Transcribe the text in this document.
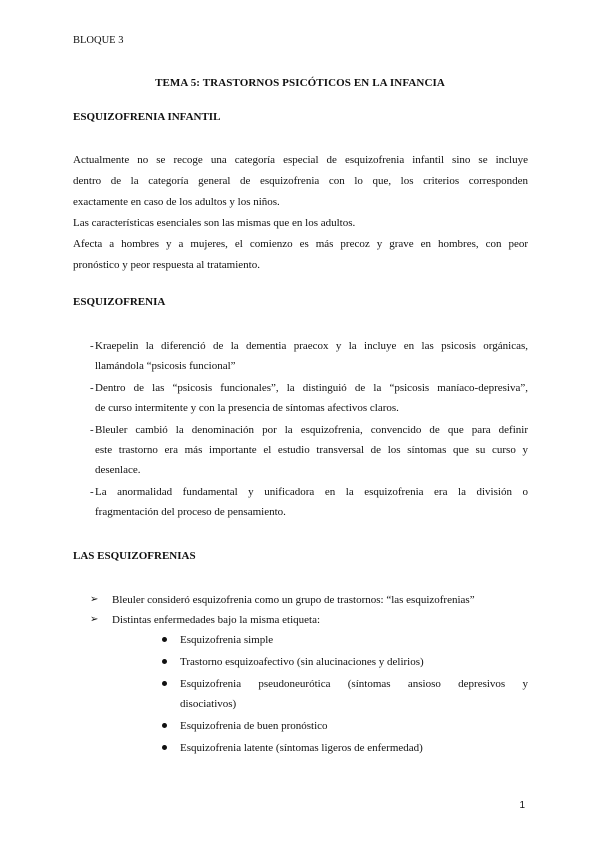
BLOQUE 3
TEMA 5: TRASTORNOS PSICÓTICOS EN LA INFANCIA
ESQUIZOFRENIA INFANTIL
Actualmente no se recoge una categoría especial de esquizofrenia infantil sino se incluye
dentro de la categoría general de esquizofrenia con lo que, los criterios corresponden
exactamente en caso de los adultos y los niños.
Las características esenciales son las mismas que en los adultos.
Afecta a hombres y a mujeres, el comienzo es más precoz y grave en hombres, con peor
pronóstico y peor respuesta al tratamiento.
ESQUIZOFRENIA
- Kraepelin la diferenció de la dementia praecox y la incluye en las psicosis orgánicas,
llamándola “psicosis funcional”
- Dentro de las “psicosis funcionales”, la distinguió de la “psicosis maníaco-depresiva”,
de curso intermitente y con la presencia de síntomas afectivos claros.
- Bleuler cambió la denominación por la esquizofrenia, convencido de que para definir
este trastorno era más importante el estudio transversal de los síntomas que su curso y
desenlace.
- La anormalidad fundamental y unificadora en la esquizofrenia era la división o
fragmentación del proceso de pensamiento.
LAS ESQUIZOFRENIAS
➢ Bleuler consideró esquizofrenia como un grupo de trastornos: “las esquizofrenias”
➢ Distintas enfermedades bajo la misma etiqueta:
Esquizofrenia simple
Trastorno esquizoafectivo (sin alucinaciones y delirios)
Esquizofrenia pseudoneurótica (síntomas ansioso depresivos y
disociativos)
Esquizofrenia de buen pronóstico
Esquizofrenia latente (síntomas ligeros de enfermedad)
1
